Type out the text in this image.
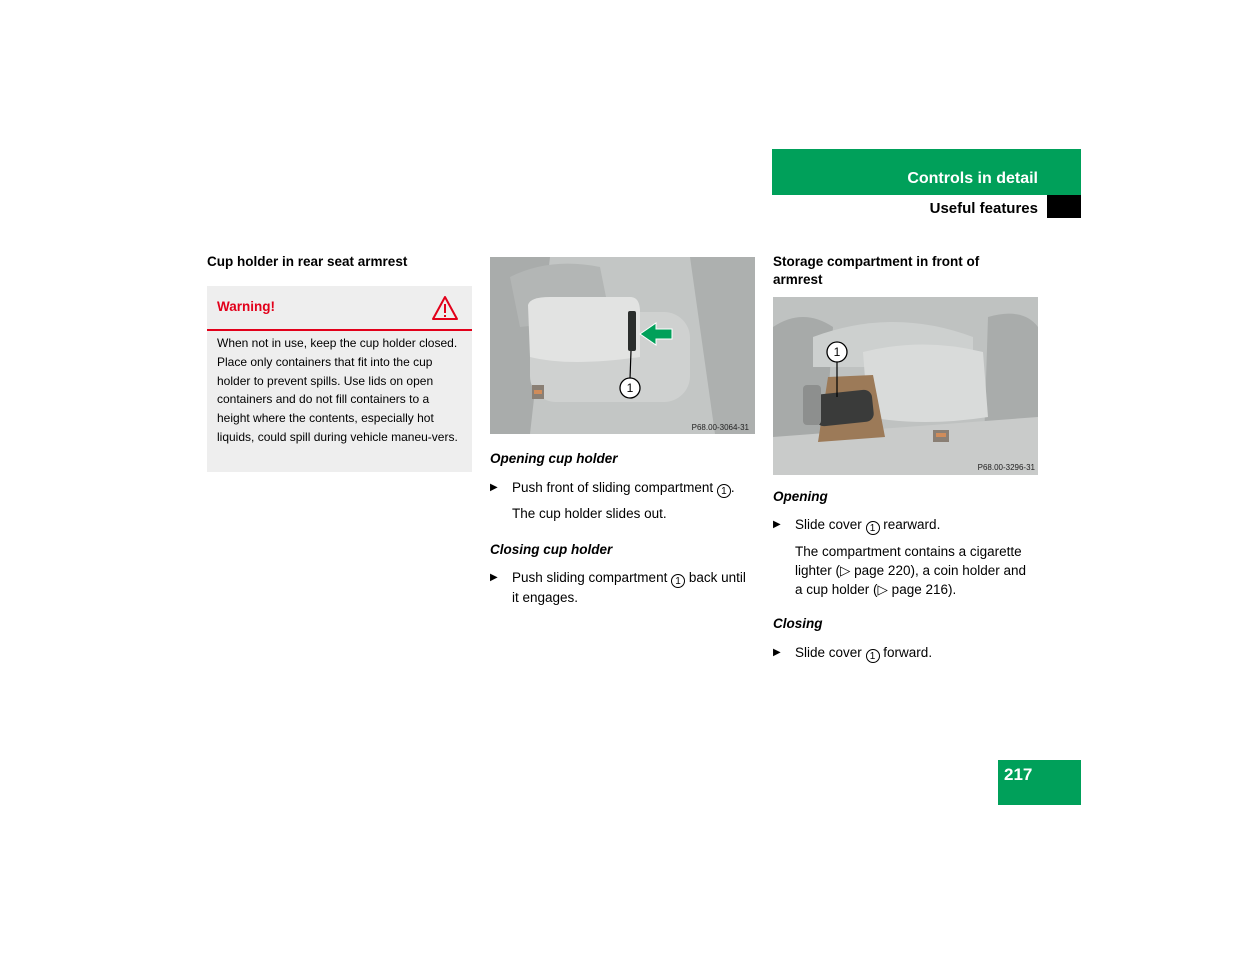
Controls in detail
Useful features
Cup holder in rear seat armrest
Warning!
When not in use, keep the cup holder closed. Place only containers that fit into the cup holder to prevent spills. Use lids on open containers and do not fill containers to a height where the contents, especially hot liquids, could spill during vehicle maneu-vers.
1
P68.00-3064-31
Opening cup holder
▶ Push front of sliding compartment 1 .
The cup holder slides out.
Closing cup holder
▶ Push sliding compartment 1 back until it engages.
Storage compartment in front of armrest
1
P68.00-3296-31
Opening
▶ Slide cover 1 rearward.
The compartment contains a cigarette
lighter (▷ page 220), a coin holder and
a cup holder (▷ page 216).
Closing
▶ Slide cover 1 forward.
217
